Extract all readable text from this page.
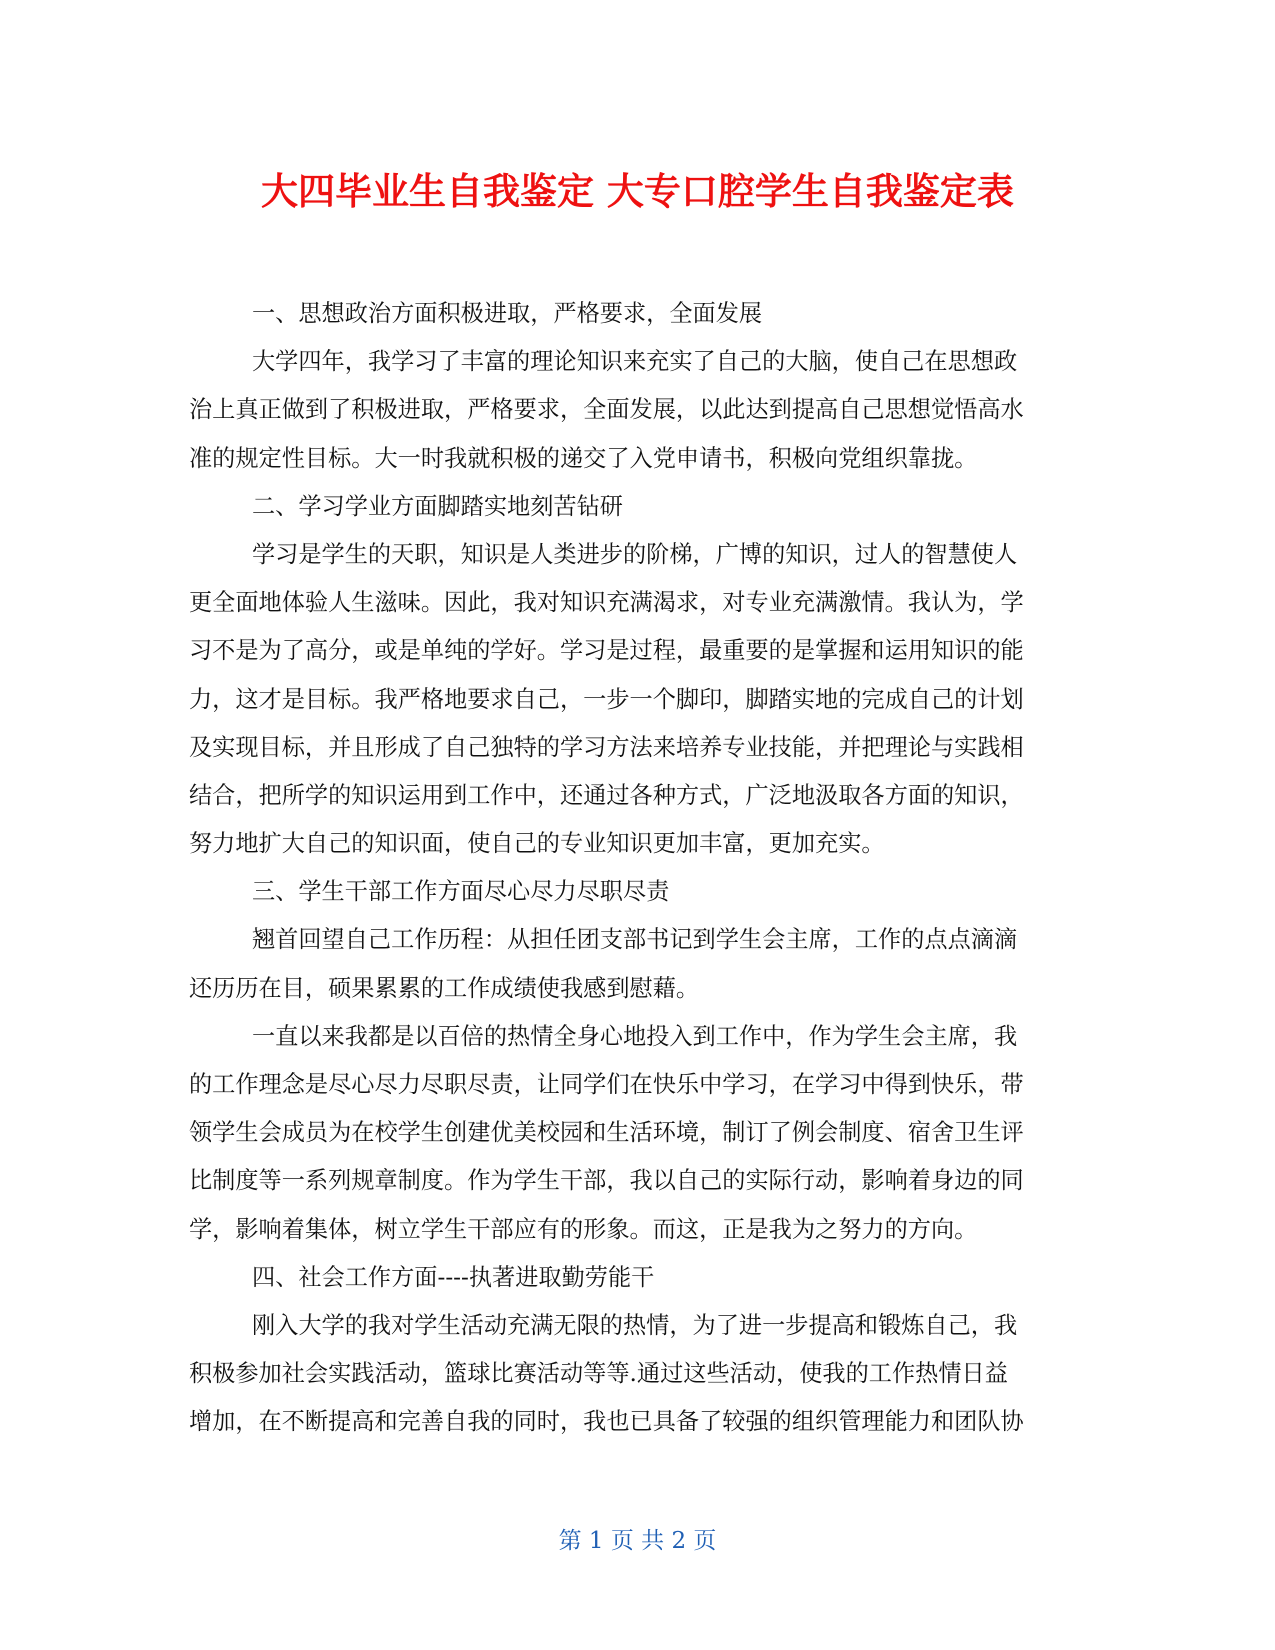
大四毕业生自我鉴定 大专口腔学生自我鉴定表
一、思想政治方面积极进取，严格要求，全面发展
大学四年，我学习了丰富的理论知识来充实了自己的大脑，使自己在思想政
治上真正做到了积极进取，严格要求，全面发展，以此达到提高自己思想觉悟高水
准的规定性目标。大一时我就积极的递交了入党申请书，积极向党组织靠拢。
二、学习学业方面脚踏实地刻苦钻研
学习是学生的天职，知识是人类进步的阶梯，广博的知识，过人的智慧使人
更全面地体验人生滋味。因此，我对知识充满渴求，对专业充满激情。我认为，学
习不是为了高分，或是单纯的学好。学习是过程，最重要的是掌握和运用知识的能
力，这才是目标。我严格地要求自己，一步一个脚印，脚踏实地的完成自己的计划
及实现目标，并且形成了自己独特的学习方法来培养专业技能，并把理论与实践相
结合，把所学的知识运用到工作中，还通过各种方式，广泛地汲取各方面的知识，
努力地扩大自己的知识面，使自己的专业知识更加丰富，更加充实。
三、学生干部工作方面尽心尽力尽职尽责
翘首回望自己工作历程：从担任团支部书记到学生会主席，工作的点点滴滴
还历历在目，硕果累累的工作成绩使我感到慰藉。
一直以来我都是以百倍的热情全身心地投入到工作中，作为学生会主席，我
的工作理念是尽心尽力尽职尽责，让同学们在快乐中学习，在学习中得到快乐，带
领学生会成员为在校学生创建优美校园和生活环境，制订了例会制度、宿舍卫生评
比制度等一系列规章制度。作为学生干部，我以自己的实际行动，影响着身边的同
学，影响着集体，树立学生干部应有的形象。而这，正是我为之努力的方向。
四、社会工作方面----执著进取勤劳能干
刚入大学的我对学生活动充满无限的热情，为了进一步提高和锻炼自己，我
积极参加社会实践活动，篮球比赛活动等等.通过这些活动，使我的工作热情日益
增加，在不断提高和完善自我的同时，我也已具备了较强的组织管理能力和团队协
第 1 页 共 2 页
